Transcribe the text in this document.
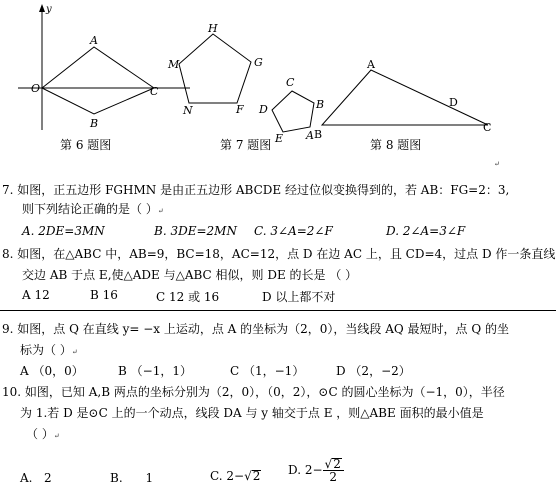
y
A
O	C
B
第 6 题图
H
G
M
N	F
C
D	B
E A
第 7 题图
A
B
C
D
第 8 题图
↵
7. 如图，正五边形 FGHMN 是由正五边形 ABCDE 经过位似变换得到的，若 AB：FG=2：3,
则下列结论正确的是（ ）↵
A. 2DE=3MN	B. 3DE=2MN C. 3∠A=2∠F	D. 2∠A=3∠F
8. 如图，在△ABC 中，AB=9，BC=18，AC=12，点 D 在边 AC 上，且 CD=4，过点 D 作一条直线
交边 AB 于点 E,使△ADE 与△ABC 相似，则 DE 的长是 （ ）
A 12	B 16	C 12 或 16	D 以上都不对
9. 如图，点 Q 在直线 y= −x 上运动，点 A 的坐标为（2，0），当线段 AQ 最短时，点 Q 的坐
标为（ ）↵
A （0，0）	B （−1，1）	C （1，−1）	D （2，−2）
10. 如图，已知 A,B 两点的坐标分别为（2，0），（0，2），⊙C 的圆心坐标为（−1，0），半径
为 1.若 D 是⊙C 上的一个动点，线段 DA 与 y 轴交于点 E ，则△ABE 面积的最小值是
（ ）↵
A. 2	B. 1	C. 2−√2 D. $2- \frac{√2}{2}$
